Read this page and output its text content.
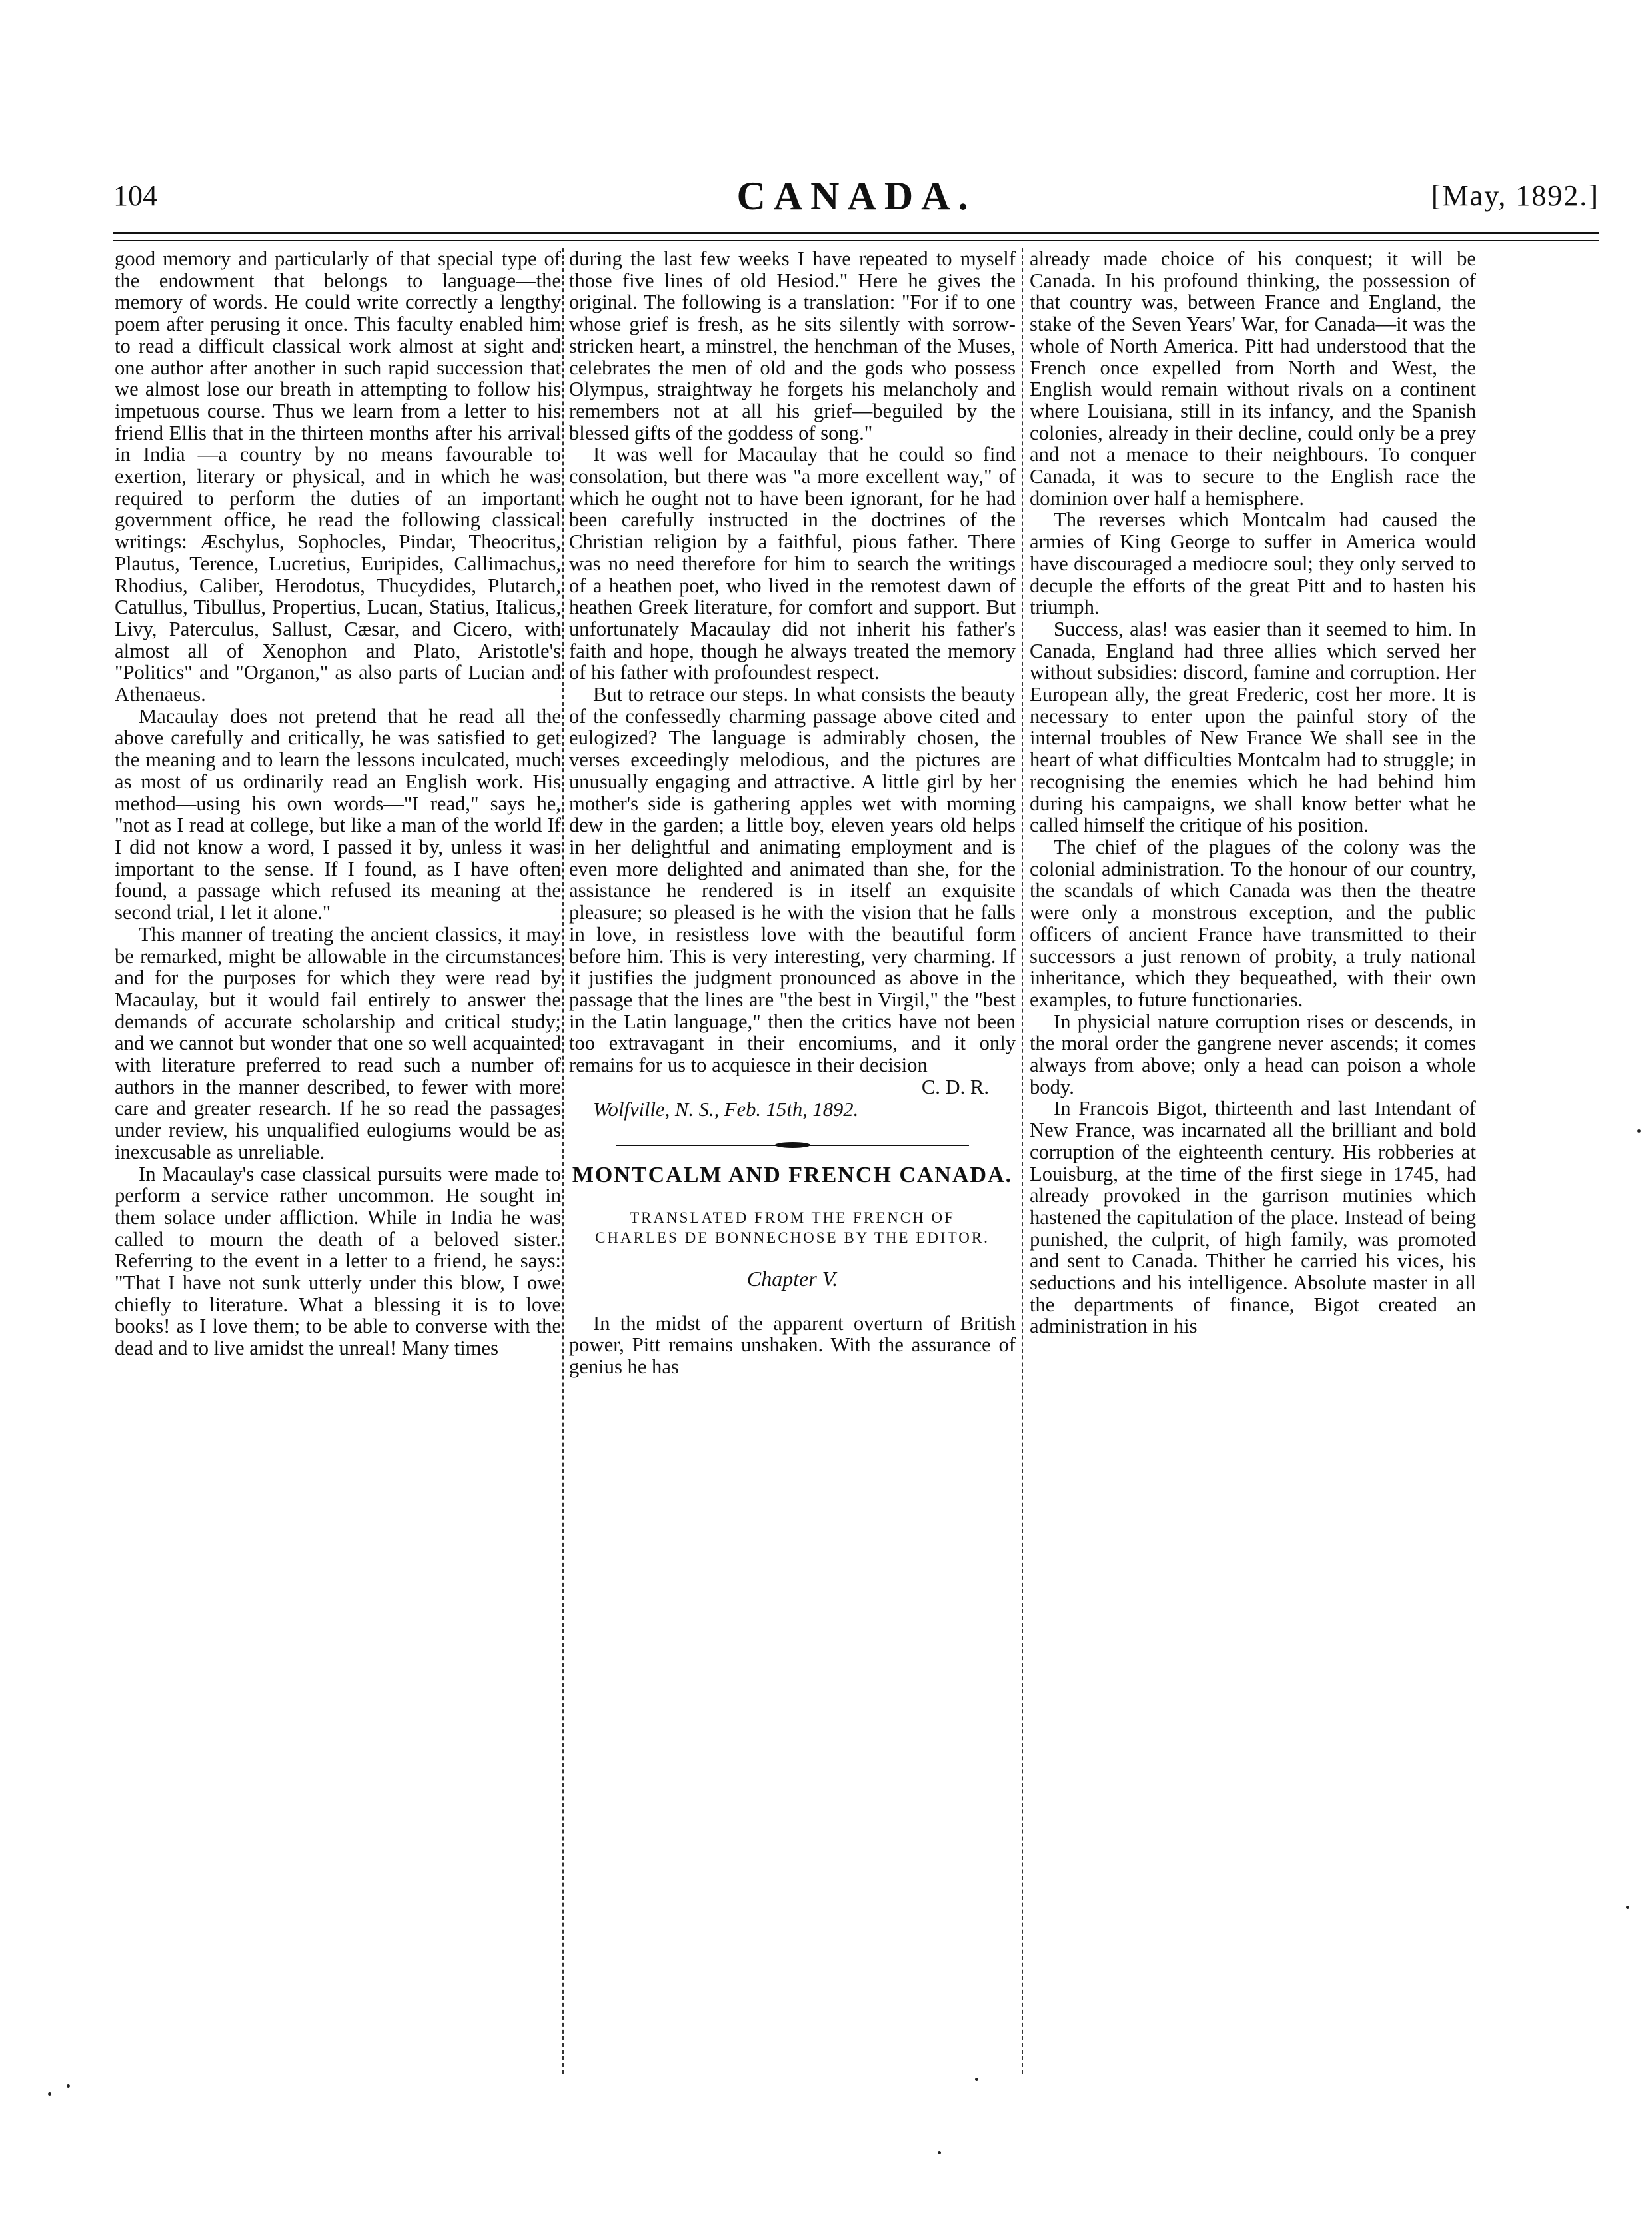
104	CANADA.	[May, 1892.]

good memory and particularly of that special type of the endowment that belongs to language—the memory of words. He could write correctly a lengthy poem after perusing it once. This faculty enabled him to read a difficult classical work almost at sight and one author after another in such rapid succession that we almost lose our breath in attempting to follow his impetuous course. Thus we learn from a letter to his friend Ellis that in the thirteen months after his arrival in India —a country by no means favourable to exertion, literary or physical, and in which he was required to perform the duties of an important government office, he read the following classical writings: Æschylus, Sophocles, Pindar, Theocritus, Plautus, Terence, Lucretius, Euripides, Callimachus, Rhodius, Caliber, Herodotus, Thucydides, Plutarch, Catullus, Tibullus, Propertius, Lucan, Statius, Italicus, Livy, Paterculus, Sallust, Cæsar, and Cicero, with almost all of Xenophon and Plato, Aristotle's "Politics" and "Organon," as also parts of Lucian and Athenaeus.

Macaulay does not pretend that he read all the above carefully and critically, he was satisfied to get the meaning and to learn the lessons inculcated, much as most of us ordinarily read an English work. His method—using his own words—"I read," says he, "not as I read at college, but like a man of the world If I did not know a word, I passed it by, unless it was important to the sense. If I found, as I have often found, a passage which refused its meaning at the second trial, I let it alone."

This manner of treating the ancient classics, it may be remarked, might be allowable in the circumstances and for the purposes for which they were read by Macaulay, but it would fail entirely to answer the demands of accurate scholarship and critical study; and we cannot but wonder that one so well acquainted with literature preferred to read such a number of authors in the manner described, to fewer with more care and greater research. If he so read the passages under review, his unqualified eulogiums would be as inexcusable as unreliable.

In Macaulay's case classical pursuits were made to perform a service rather uncommon. He sought in them solace under affliction. While in India he was called to mourn the death of a beloved sister. Referring to the event in a letter to a friend, he says: "That I have not sunk utterly under this blow, I owe chiefly to literature. What a blessing it is to love books! as I love them; to be able to converse with the dead and to live amidst the unreal! Many times

during the last few weeks I have repeated to myself those five lines of old Hesiod." Here he gives the original. The following is a translation: "For if to one whose grief is fresh, as he sits silently with sorrow-stricken heart, a minstrel, the henchman of the Muses, celebrates the men of old and the gods who possess Olympus, straightway he forgets his melancholy and remembers not at all his grief—beguiled by the blessed gifts of the goddess of song."

It was well for Macaulay that he could so find consolation, but there was "a more excellent way," of which he ought not to have been ignorant, for he had been carefully instructed in the doctrines of the Christian religion by a faithful, pious father. There was no need therefore for him to search the writings of a heathen poet, who lived in the remotest dawn of heathen Greek literature, for comfort and support. But unfortunately Macaulay did not inherit his father's faith and hope, though he always treated the memory of his father with profoundest respect.

But to retrace our steps. In what consists the beauty of the confessedly charming passage above cited and eulogized? The language is admirably chosen, the verses exceedingly melodious, and the pictures are unusually engaging and attractive. A little girl by her mother's side is gathering apples wet with morning dew in the garden; a little boy, eleven years old helps in her delightful and animating employment and is even more delighted and animated than she, for the assistance he rendered is in itself an exquisite pleasure; so pleased is he with the vision that he falls in love, in resistless love with the beautiful form before him. This is very interesting, very charming. If it justifies the judgment pronounced as above in the passage that the lines are "the best in Virgil," the "best in the Latin language," then the critics have not been too extravagant in their encomiums, and it only remains for us to acquiesce in their decision

C. D. R.

Wolfville, N. S., Feb. 15th, 1892.

MONTCALM AND FRENCH CANADA.
TRANSLATED FROM THE FRENCH OF CHARLES DE BONNECHOSE BY THE EDITOR.
Chapter V.

In the midst of the apparent overturn of British power, Pitt remains unshaken. With the assurance of genius he has

already made choice of his conquest; it will be Canada. In his profound thinking, the possession of that country was, between France and England, the stake of the Seven Years' War, for Canada—it was the whole of North America. Pitt had understood that the French once expelled from North and West, the English would remain without rivals on a continent where Louisiana, still in its infancy, and the Spanish colonies, already in their decline, could only be a prey and not a menace to their neighbours. To conquer Canada, it was to secure to the English race the dominion over half a hemisphere.

The reverses which Montcalm had caused the armies of King George to suffer in America would have discouraged a mediocre soul; they only served to decuple the efforts of the great Pitt and to hasten his triumph.

Success, alas! was easier than it seemed to him. In Canada, England had three allies which served her without subsidies: discord, famine and corruption. Her European ally, the great Frederic, cost her more. It is necessary to enter upon the painful story of the internal troubles of New France We shall see in the heart of what difficulties Montcalm had to struggle; in recognising the enemies which he had behind him during his campaigns, we shall know better what he called himself the critique of his position.

The chief of the plagues of the colony was the colonial administration. To the honour of our country, the scandals of which Canada was then the theatre were only a monstrous exception, and the public officers of ancient France have transmitted to their successors a just renown of probity, a truly national inheritance, which they bequeathed, with their own examples, to future functionaries.

In physicial nature corruption rises or descends, in the moral order the gangrene never ascends; it comes always from above; only a head can poison a whole body.

In Francois Bigot, thirteenth and last Intendant of New France, was incarnated all the brilliant and bold corruption of the eighteenth century. His robberies at Louisburg, at the time of the first siege in 1745, had already provoked in the garrison mutinies which hastened the capitulation of the place. Instead of being punished, the culprit, of high family, was promoted and sent to Canada. Thither he carried his vices, his seductions and his intelligence. Absolute master in all the departments of finance, Bigot created an administration in his
